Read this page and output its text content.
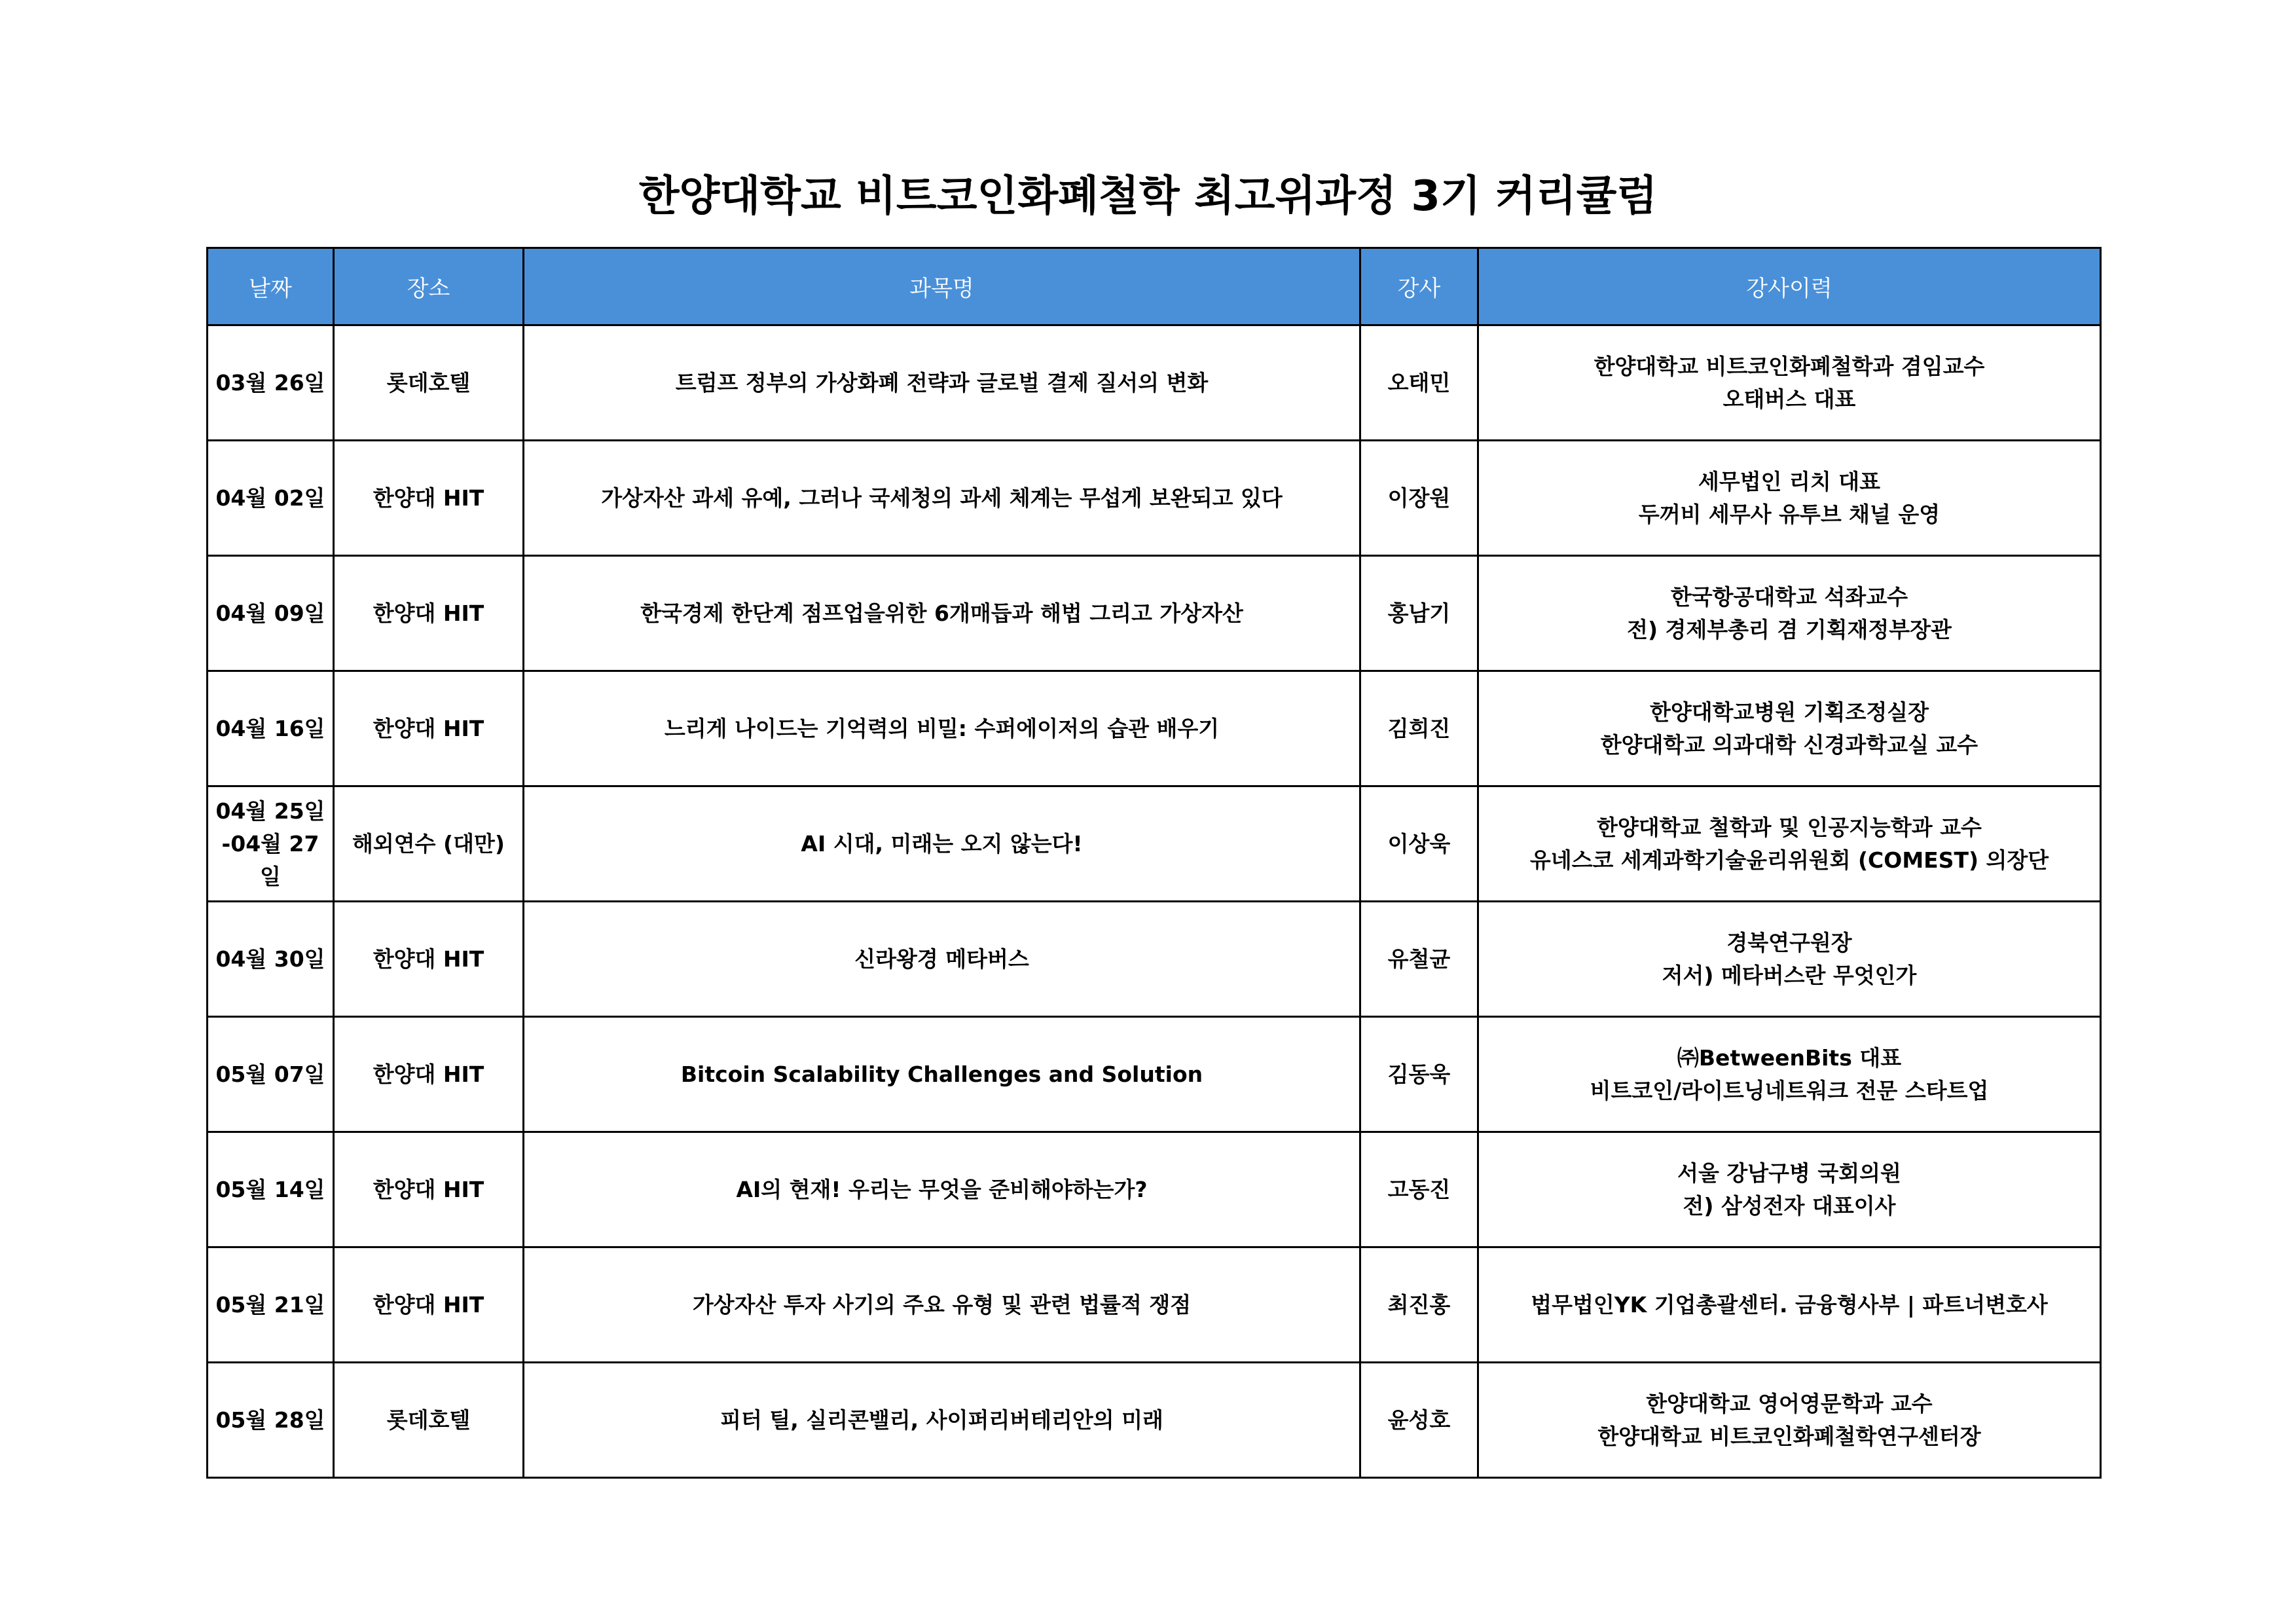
한양대학교 비트코인화폐철학 최고위과정 3기 커리큘럼
날짜	장소	과목명	강사	강사이력

03월 26일	롯데호텔	트럼프 정부의 가상화폐 전략과 글로벌 결제 질서의 변화	오태민	한양대학교 비트코인화폐철학과 겸임교수
오태버스 대표

04월 02일	한양대 HIT	가상자산 과세 유예, 그러나 국세청의 과세 체계는 무섭게 보완되고 있다	이장원	세무법인 리치 대표
두꺼비 세무사 유투브 채널 운영

04월 09일	한양대 HIT	한국경제 한단계 점프업을위한 6개매듭과 해법 그리고 가상자산	홍남기	한국항공대학교 석좌교수
전) 경제부총리 겸 기획재정부장관

04월 16일	한양대 HIT	느리게 나이드는 기억력의 비밀: 수퍼에이저의 습관 배우기	김희진	한양대학교병원 기획조정실장
한양대학교 의과대학 신경과학교실 교수

04월 25일
-04월 27일	해외연수 (대만)	AI 시대, 미래는 오지 않는다!	이상욱	한양대학교 철학과 및 인공지능학과 교수
유네스코 세계과학기술윤리위원회 (COMEST) 의장단

04월 30일	한양대 HIT	신라왕경 메타버스	유철균	경북연구원장
저서) 메타버스란 무엇인가

05월 07일	한양대 HIT	Bitcoin Scalability Challenges and Solution	김동욱	㈜BetweenBits 대표
비트코인/라이트닝네트워크 전문 스타트업

05월 14일	한양대 HIT	AI의 현재! 우리는 무엇을 준비해야하는가?	고동진	서울 강남구병 국회의원
전) 삼성전자 대표이사

05월 21일	한양대 HIT	가상자산 투자 사기의 주요 유형 및 관련 법률적 쟁점	최진홍	법무법인YK 기업총괄센터. 금융형사부 | 파트너변호사

05월 28일	롯데호텔	피터 틸, 실리콘밸리, 사이퍼리버테리안의 미래	윤성호	한양대학교 영어영문학과 교수
한양대학교 비트코인화폐철학연구센터장
